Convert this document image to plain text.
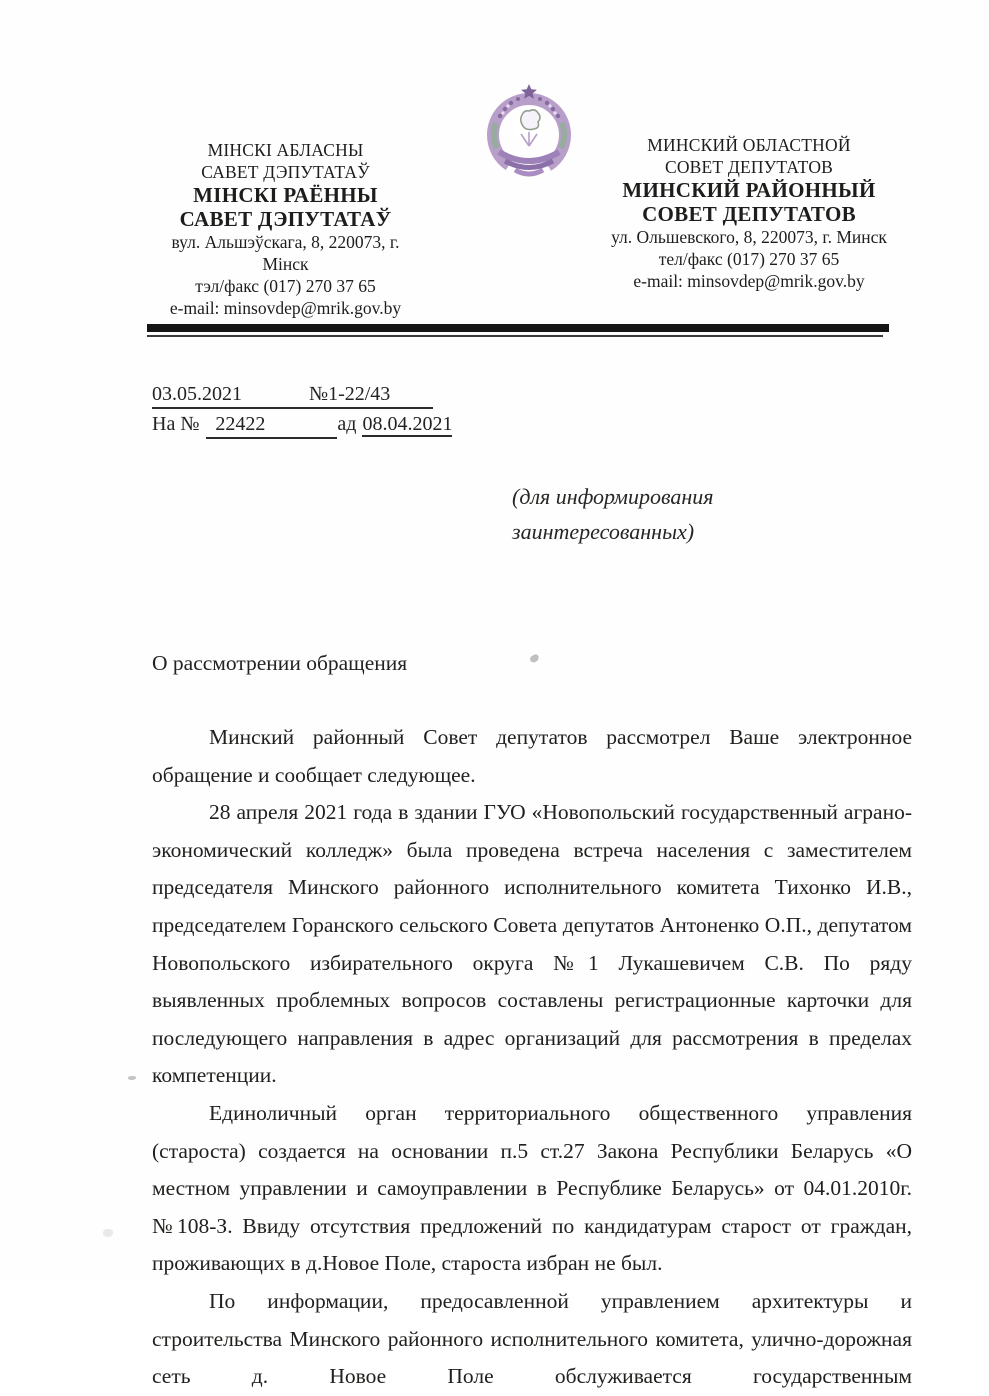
МІНСКІ АБЛАСНЫ
САВЕТ ДЭПУТАТАЎ
МІНСКІ РАЁННЫ
САВЕТ ДЭПУТАТАЎ
вул. Альшэўскага, 8, 220073, г.
Мінск
тэл/факс (017) 270 37 65
e-mail: minsovdep@mrik.gov.by
МИНСКИЙ ОБЛАСТНОЙ
СОВЕТ ДЕПУТАТОВ
МИНСКИЙ РАЙОННЫЙ
СОВЕТ ДЕПУТАТОВ
ул. Ольшевского, 8, 220073, г. Минск
тел/факс (017) 270 37 65
e-mail: minsovdep@mrik.gov.by
03.05.2021	№1-22/43
На № 22422	ад 08.04.2021
(для информирования заинтересованных)
О рассмотрении обращения

Минский районный Совет депутатов рассмотрел Ваше электронное обращение и сообщает следующее.

28 апреля 2021 года в здании ГУО «Новопольский государственный аграно-экономический колледж» была проведена встреча населения с заместителем председателя Минского районного исполнительного комитета Тихонко И.В., председателем Горанского сельского Совета депутатов Антоненко О.П., депутатом Новопольского избирательного округа №1 Лукашевичем С.В. По ряду выявленных проблемных вопросов составлены регистрационные карточки для последующего направления в адрес организаций для рассмотрения в пределах компетенции.

Единоличный орган территориального общественного управления (староста) создается на основании п.5 ст.27 Закона Республики Беларусь «О местном управлении и самоуправлении в Республике Беларусь» от 04.01.2010г. №108-З. Ввиду отсутствия предложений по кандидатурам старост от граждан, проживающих в д.Новое Поле, староста избран не был.

По информации, предосавленной управлением архитектуры и строительства Минского районного исполнительного комитета, улично-дорожная сеть д. Новое Поле обслуживается государственным
